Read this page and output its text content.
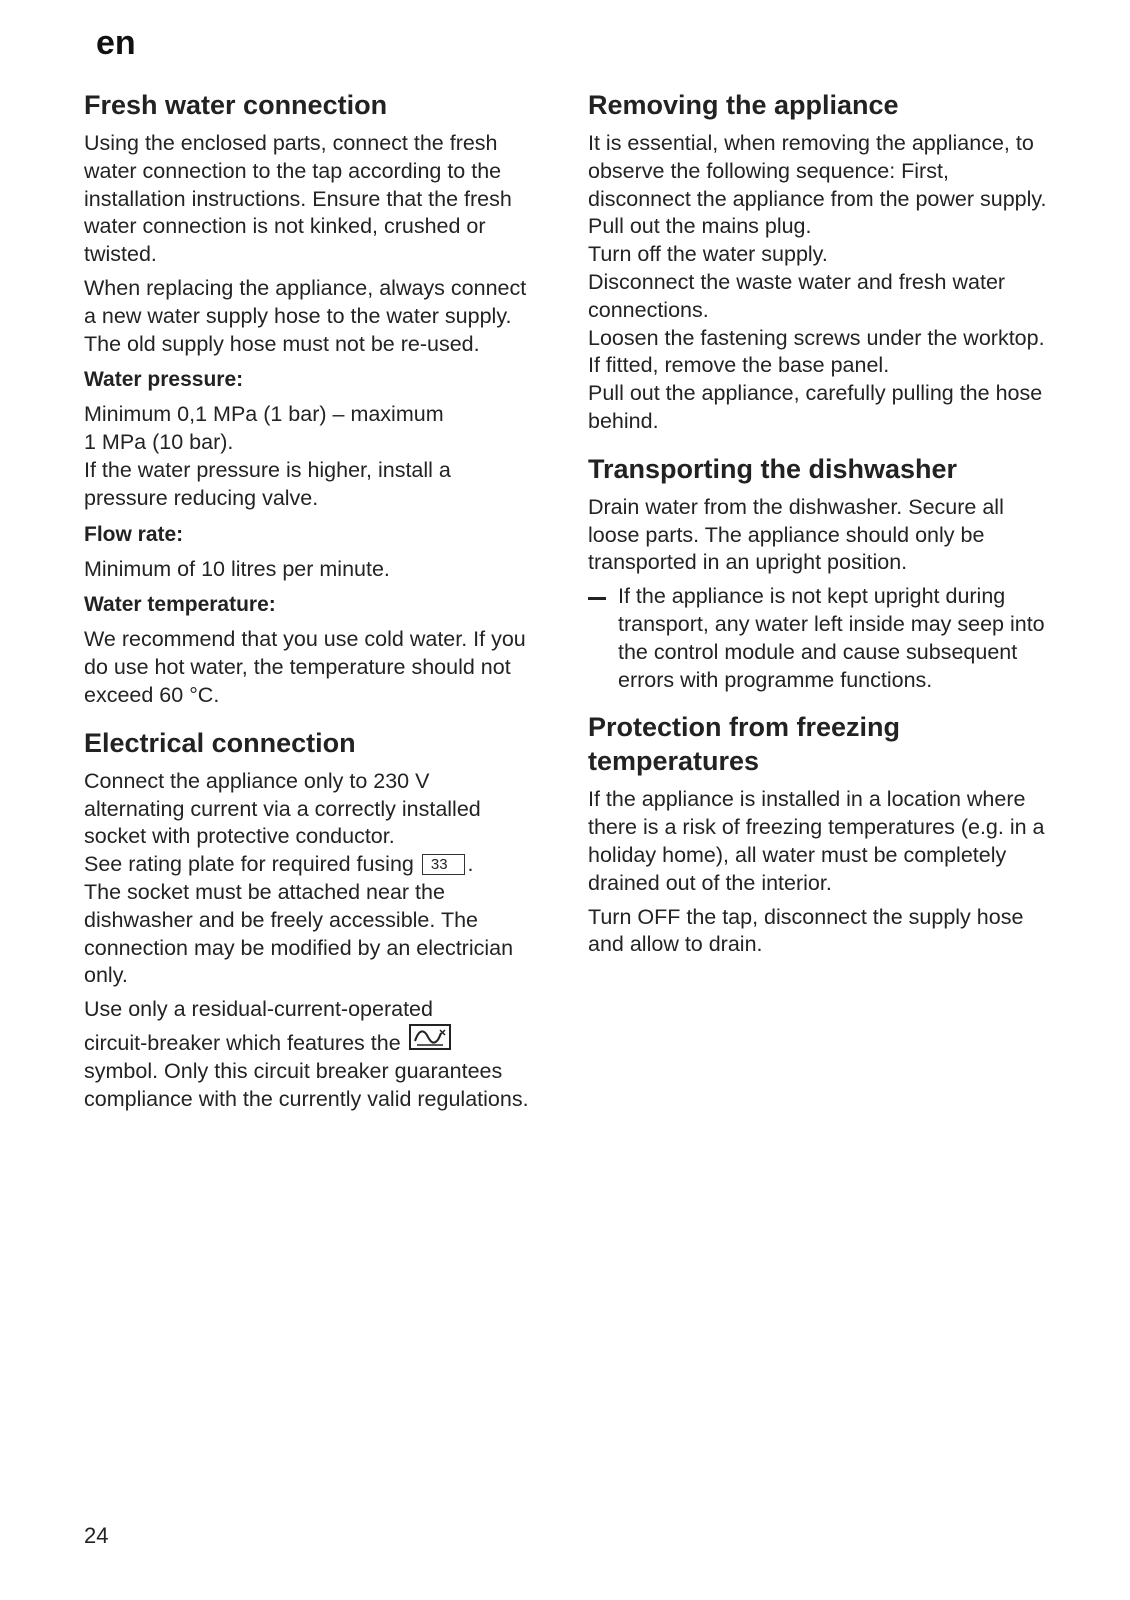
en
Fresh water connection

Using the enclosed parts, connect the fresh water connection to the tap according to the installation instructions. Ensure that the fresh water connection is not kinked, crushed or twisted.

When replacing the appliance, always connect a new water supply hose to the water supply. The old supply hose must not be re-used.

Water pressure:

Minimum 0,1 MPa (1 bar) – maximum
1 MPa (10 bar).
If the water pressure is higher, install a pressure reducing valve.

Flow rate:

Minimum of 10 litres per minute.

Water temperature:

We recommend that you use cold water. If you do use hot water, the temperature should not exceed 60 °C.

Electrical connection

Connect the appliance only to 230 V alternating current via a correctly installed socket with protective conductor.
See rating plate for required fusing 33 .
The socket must be attached near the dishwasher and be freely accessible. The connection may be modified by an electrician only.

Use only a residual-current-operated
circuit-breaker which features the
symbol. Only this circuit breaker guarantees compliance with the currently valid regulations.

Removing the appliance

It is essential, when removing the appliance, to observe the following sequence: First, disconnect the appliance from the power supply.
Pull out the mains plug.
Turn off the water supply.
Disconnect the waste water and fresh water connections.
Loosen the fastening screws under the worktop. If fitted, remove the base panel.
Pull out the appliance, carefully pulling the hose behind.

Transporting the dishwasher

Drain water from the dishwasher. Secure all loose parts. The appliance should only be transported in an upright position.

If the appliance is not kept upright during transport, any water left inside may seep into the control module and cause subsequent errors with programme functions.

Protection from freezing
temperatures

If the appliance is installed in a location where there is a risk of freezing temperatures (e.g. in a holiday home), all water must be completely drained out of the interior.

Turn OFF the tap, disconnect the supply hose and allow to drain.

24
